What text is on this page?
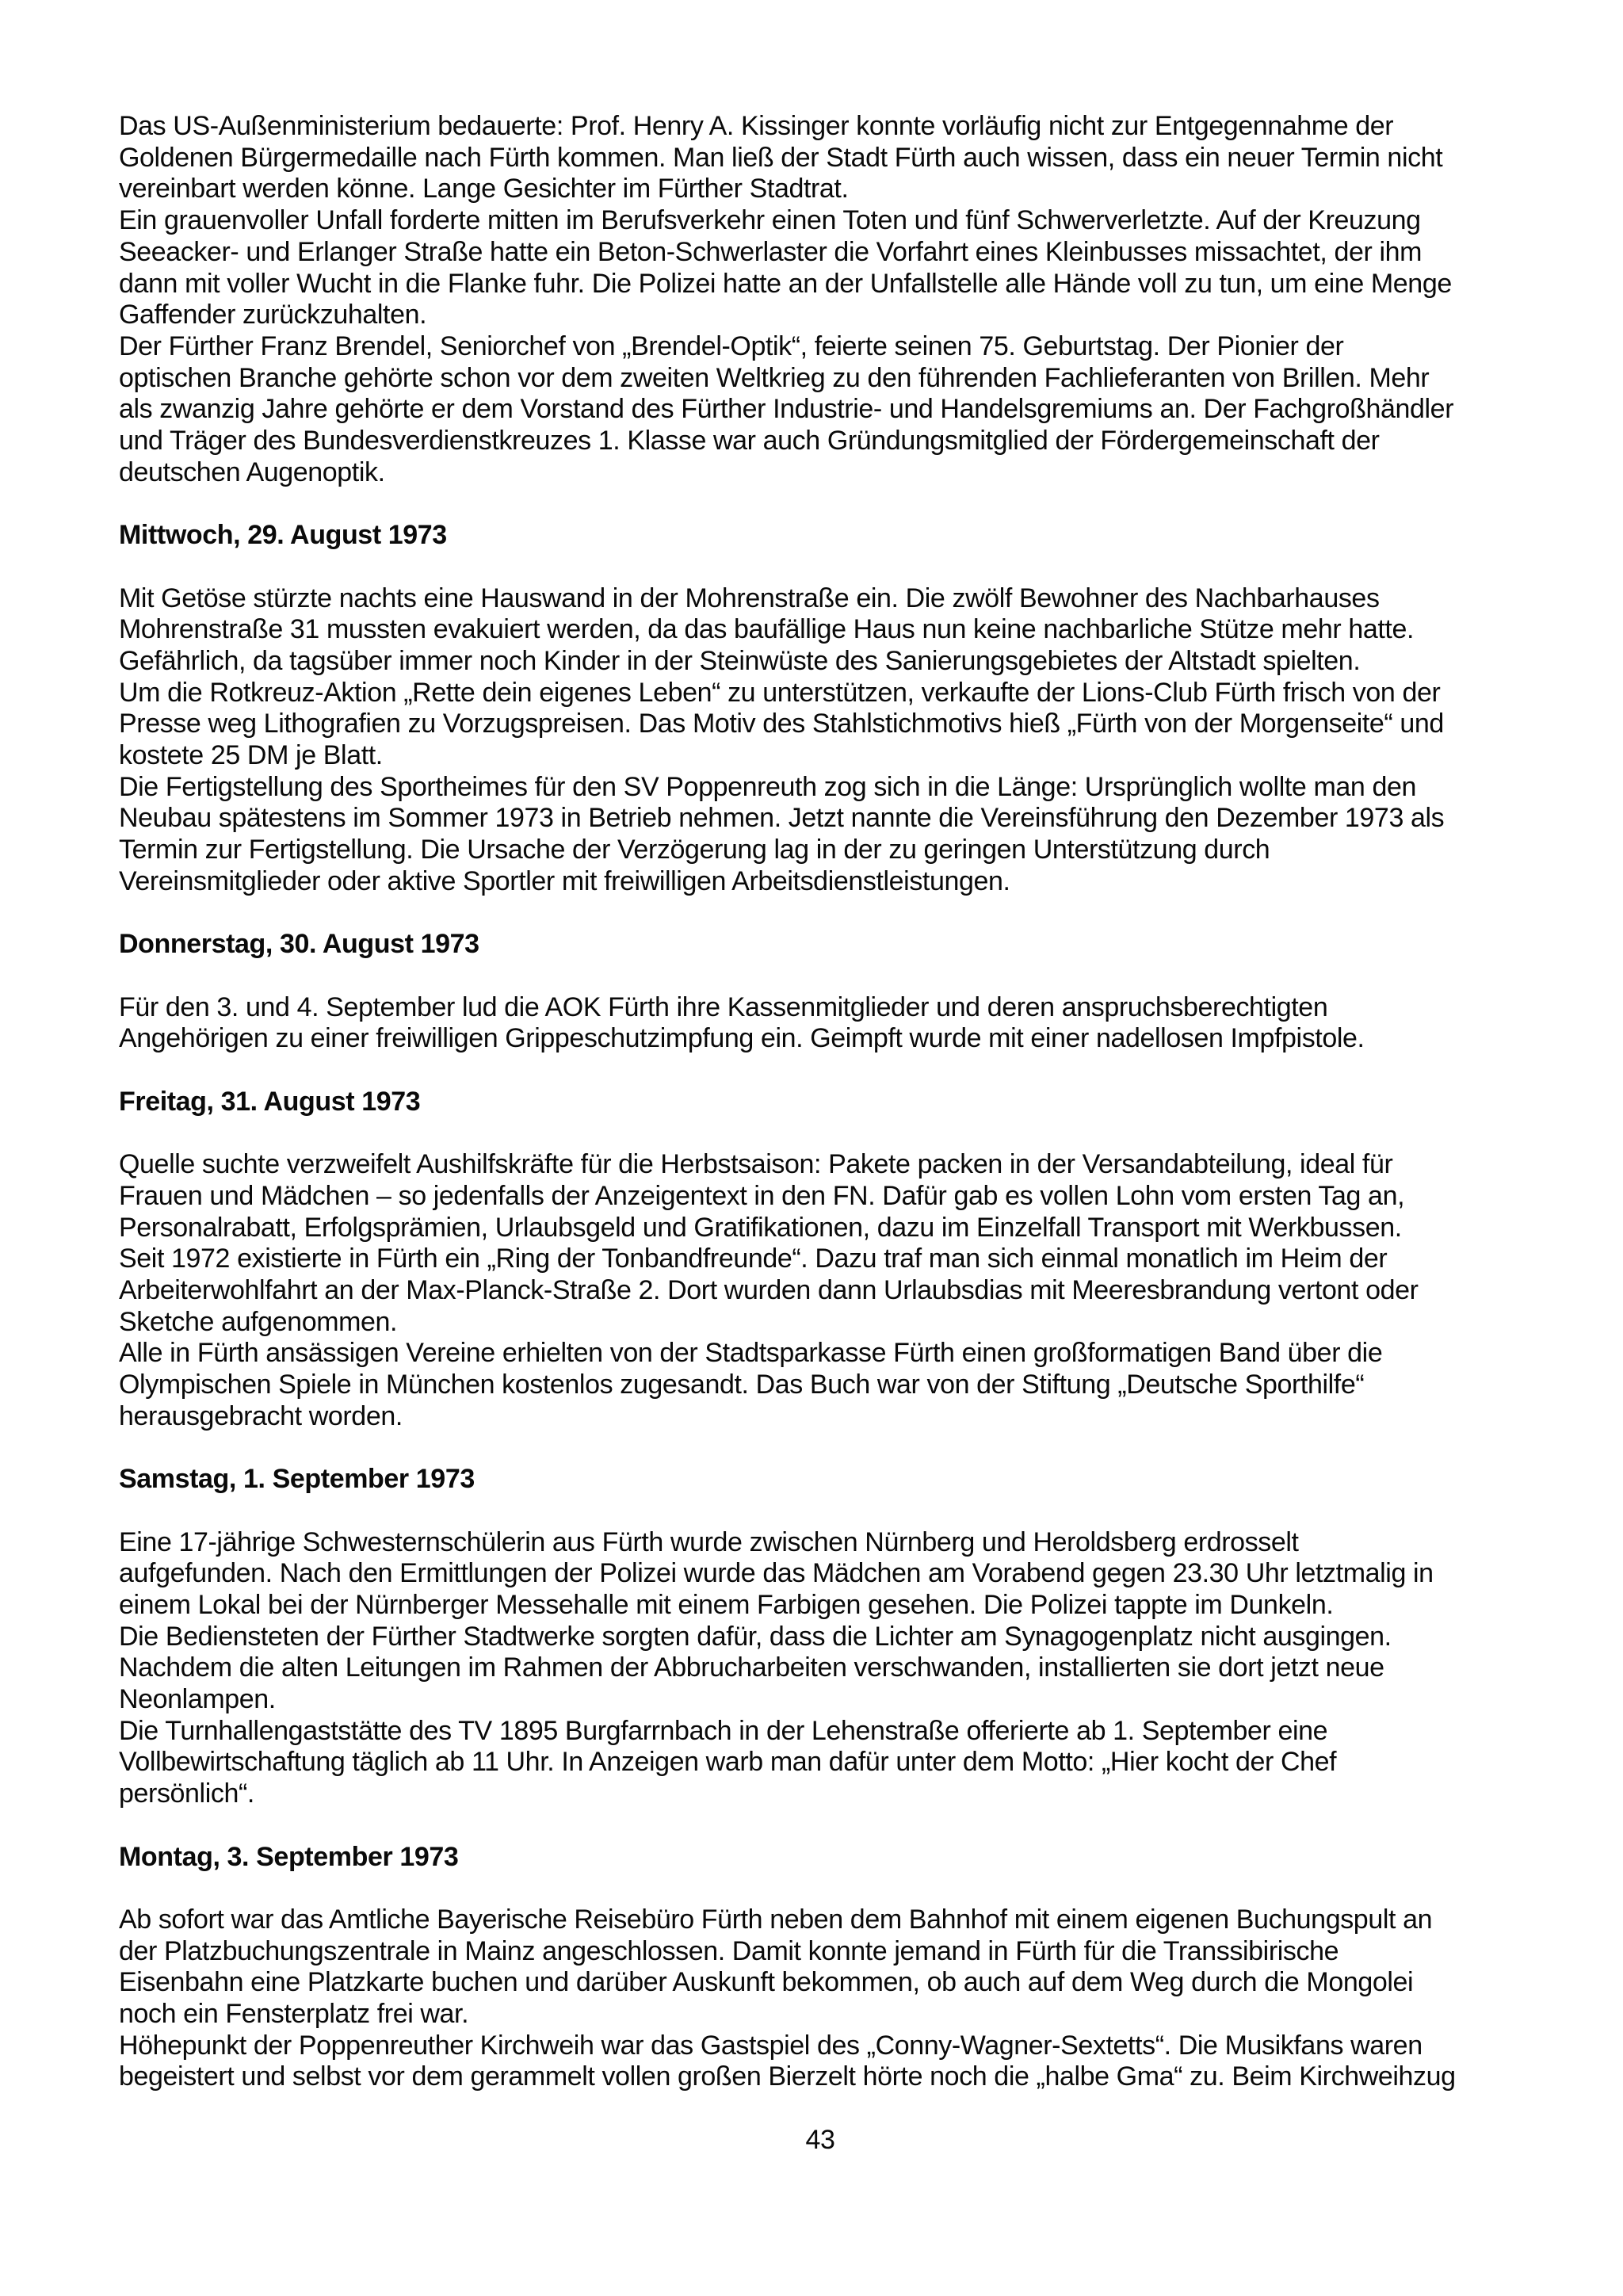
Das US-Außenministerium bedauerte: Prof. Henry A. Kissinger konnte vorläufig nicht zur Entgegennahme der
Goldenen Bürgermedaille nach Fürth kommen. Man ließ der Stadt Fürth auch wissen, dass ein neuer Termin nicht
vereinbart werden könne. Lange Gesichter im Fürther Stadtrat.
Ein grauenvoller Unfall forderte mitten im Berufsverkehr einen Toten und fünf Schwerverletzte. Auf der Kreuzung
Seeacker- und Erlanger Straße hatte ein Beton-Schwerlaster die Vorfahrt eines Kleinbusses missachtet, der ihm
dann mit voller Wucht in die Flanke fuhr. Die Polizei hatte an der Unfallstelle alle Hände voll zu tun, um eine Menge
Gaffender zurückzuhalten.
Der Fürther Franz Brendel, Seniorchef von „Brendel-Optik“, feierte seinen 75. Geburtstag. Der Pionier der
optischen Branche gehörte schon vor dem zweiten Weltkrieg zu den führenden Fachlieferanten von Brillen. Mehr
als zwanzig Jahre gehörte er dem Vorstand des Fürther Industrie- und Handelsgremiums an. Der Fachgroßhändler
und Träger des Bundesverdienstkreuzes 1. Klasse war auch Gründungsmitglied der Fördergemeinschaft der
deutschen Augenoptik.
Mittwoch, 29. August 1973
Mit Getöse stürzte nachts eine Hauswand in der Mohrenstraße ein. Die zwölf Bewohner des Nachbarhauses
Mohrenstraße 31 mussten evakuiert werden, da das baufällige Haus nun keine nachbarliche Stütze mehr hatte.
Gefährlich, da tagsüber immer noch Kinder in der Steinwüste des Sanierungsgebietes der Altstadt spielten.
Um die Rotkreuz-Aktion „Rette dein eigenes Leben“ zu unterstützen, verkaufte der Lions-Club Fürth frisch von der
Presse weg Lithografien zu Vorzugspreisen. Das Motiv des Stahlstichmotivs hieß „Fürth von der Morgenseite“ und
kostete 25 DM je Blatt.
Die Fertigstellung des Sportheimes für den SV Poppenreuth zog sich in die Länge: Ursprünglich wollte man den
Neubau spätestens im Sommer 1973 in Betrieb nehmen. Jetzt nannte die Vereinsführung den Dezember 1973 als
Termin zur Fertigstellung. Die Ursache der Verzögerung lag in der zu geringen Unterstützung durch
Vereinsmitglieder oder aktive Sportler mit freiwilligen Arbeitsdienstleistungen.
Donnerstag, 30. August 1973
Für den 3. und 4. September lud die AOK Fürth ihre Kassenmitglieder und deren anspruchsberechtigten
Angehörigen zu einer freiwilligen Grippeschutzimpfung ein. Geimpft wurde mit einer nadellosen Impfpistole.
Freitag, 31. August 1973
Quelle suchte verzweifelt Aushilfskräfte für die Herbstsaison: Pakete packen in der Versandabteilung, ideal für
Frauen und Mädchen – so jedenfalls der Anzeigentext in den FN. Dafür gab es vollen Lohn vom ersten Tag an,
Personalrabatt, Erfolgsprämien, Urlaubsgeld und Gratifikationen, dazu im Einzelfall Transport mit Werkbussen.
Seit 1972 existierte in Fürth ein „Ring der Tonbandfreunde“. Dazu traf man sich einmal monatlich im Heim der
Arbeiterwohlfahrt an der Max-Planck-Straße 2. Dort wurden dann Urlaubsdias mit Meeresbrandung vertont oder
Sketche aufgenommen.
Alle in Fürth ansässigen Vereine erhielten von der Stadtsparkasse Fürth einen großformatigen Band über die
Olympischen Spiele in München kostenlos zugesandt. Das Buch war von der Stiftung „Deutsche Sporthilfe“
herausgebracht worden.
Samstag, 1. September 1973
Eine 17-jährige Schwesternschülerin aus Fürth wurde zwischen Nürnberg und Heroldsberg erdrosselt
aufgefunden. Nach den Ermittlungen der Polizei wurde das Mädchen am Vorabend gegen 23.30 Uhr letztmalig in
einem Lokal bei der Nürnberger Messehalle mit einem Farbigen gesehen. Die Polizei tappte im Dunkeln.
Die Bediensteten der Fürther Stadtwerke sorgten dafür, dass die Lichter am Synagogenplatz nicht ausgingen.
Nachdem die alten Leitungen im Rahmen der Abbrucharbeiten verschwanden, installierten sie dort jetzt neue
Neonlampen.
Die Turnhallengaststätte des TV 1895 Burgfarrnbach in der Lehenstraße offerierte ab 1. September eine
Vollbewirtschaftung täglich ab 11 Uhr. In Anzeigen warb man dafür unter dem Motto: „Hier kocht der Chef
persönlich“.
Montag, 3. September 1973
Ab sofort war das Amtliche Bayerische Reisebüro Fürth neben dem Bahnhof mit einem eigenen Buchungspult an
der Platzbuchungszentrale in Mainz angeschlossen. Damit konnte jemand in Fürth für die Transsibirische
Eisenbahn eine Platzkarte buchen und darüber Auskunft bekommen, ob auch auf dem Weg durch die Mongolei
noch ein Fensterplatz frei war.
Höhepunkt der Poppenreuther Kirchweih war das Gastspiel des „Conny-Wagner-Sextetts“. Die Musikfans waren
begeistert und selbst vor dem gerammelt vollen großen Bierzelt hörte noch die „halbe Gma“ zu. Beim Kirchweihzug
43
